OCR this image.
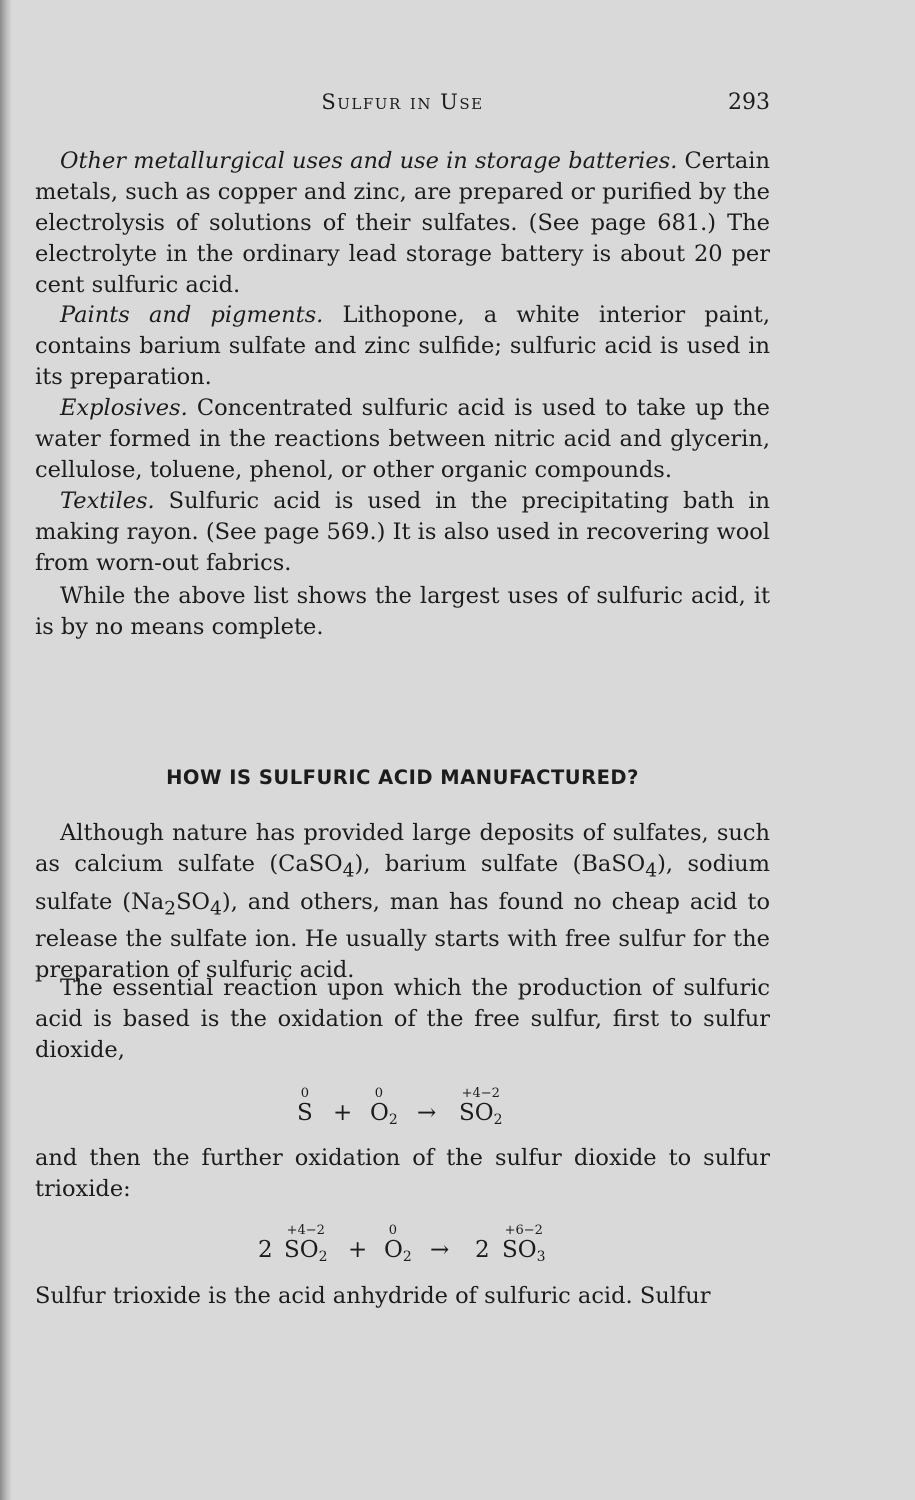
Sulfur in Use	293

Other metallurgical uses and use in storage batteries. Certain metals, such as copper and zinc, are prepared or purified by the electrolysis of solutions of their sulfates. (See page 681.) The electrolyte in the ordinary lead storage battery is about 20 per cent sulfuric acid.

Paints and pigments. Lithopone, a white interior paint, contains barium sulfate and zinc sulfide; sulfuric acid is used in its preparation.

Explosives. Concentrated sulfuric acid is used to take up the water formed in the reactions between nitric acid and glycerin, cellulose, toluene, phenol, or other organic compounds.

Textiles. Sulfuric acid is used in the precipitating bath in making rayon. (See page 569.) It is also used in recovering wool from worn-out fabrics.

While the above list shows the largest uses of sulfuric acid, it is by no means complete.

HOW IS SULFURIC ACID MANUFACTURED?

Although nature has provided large deposits of sulfates, such as calcium sulfate (CaSO$_4$), barium sulfate (BaSO$_4$), sodium sulfate $(Na_2SO_4)$, and others, man has found no cheap acid to release the sulfate ion. He usually starts with free sulfur for the preparation of sulfuric acid.

The essential reaction upon which the production of sulfuric acid is based is the oxidation of the free sulfur, first to sulfur dioxide,

0
S +
0
$O_2$ →
+4−2
$SO_2$

and then the further oxidation of the sulfur dioxide to sulfur trioxide:

2
+4−2
$SO_2$ +
0
$O_2 \to 2$
+6−2
$SO_3$

Sulfur trioxide is the acid anhydride of sulfuric acid. Sulfur
